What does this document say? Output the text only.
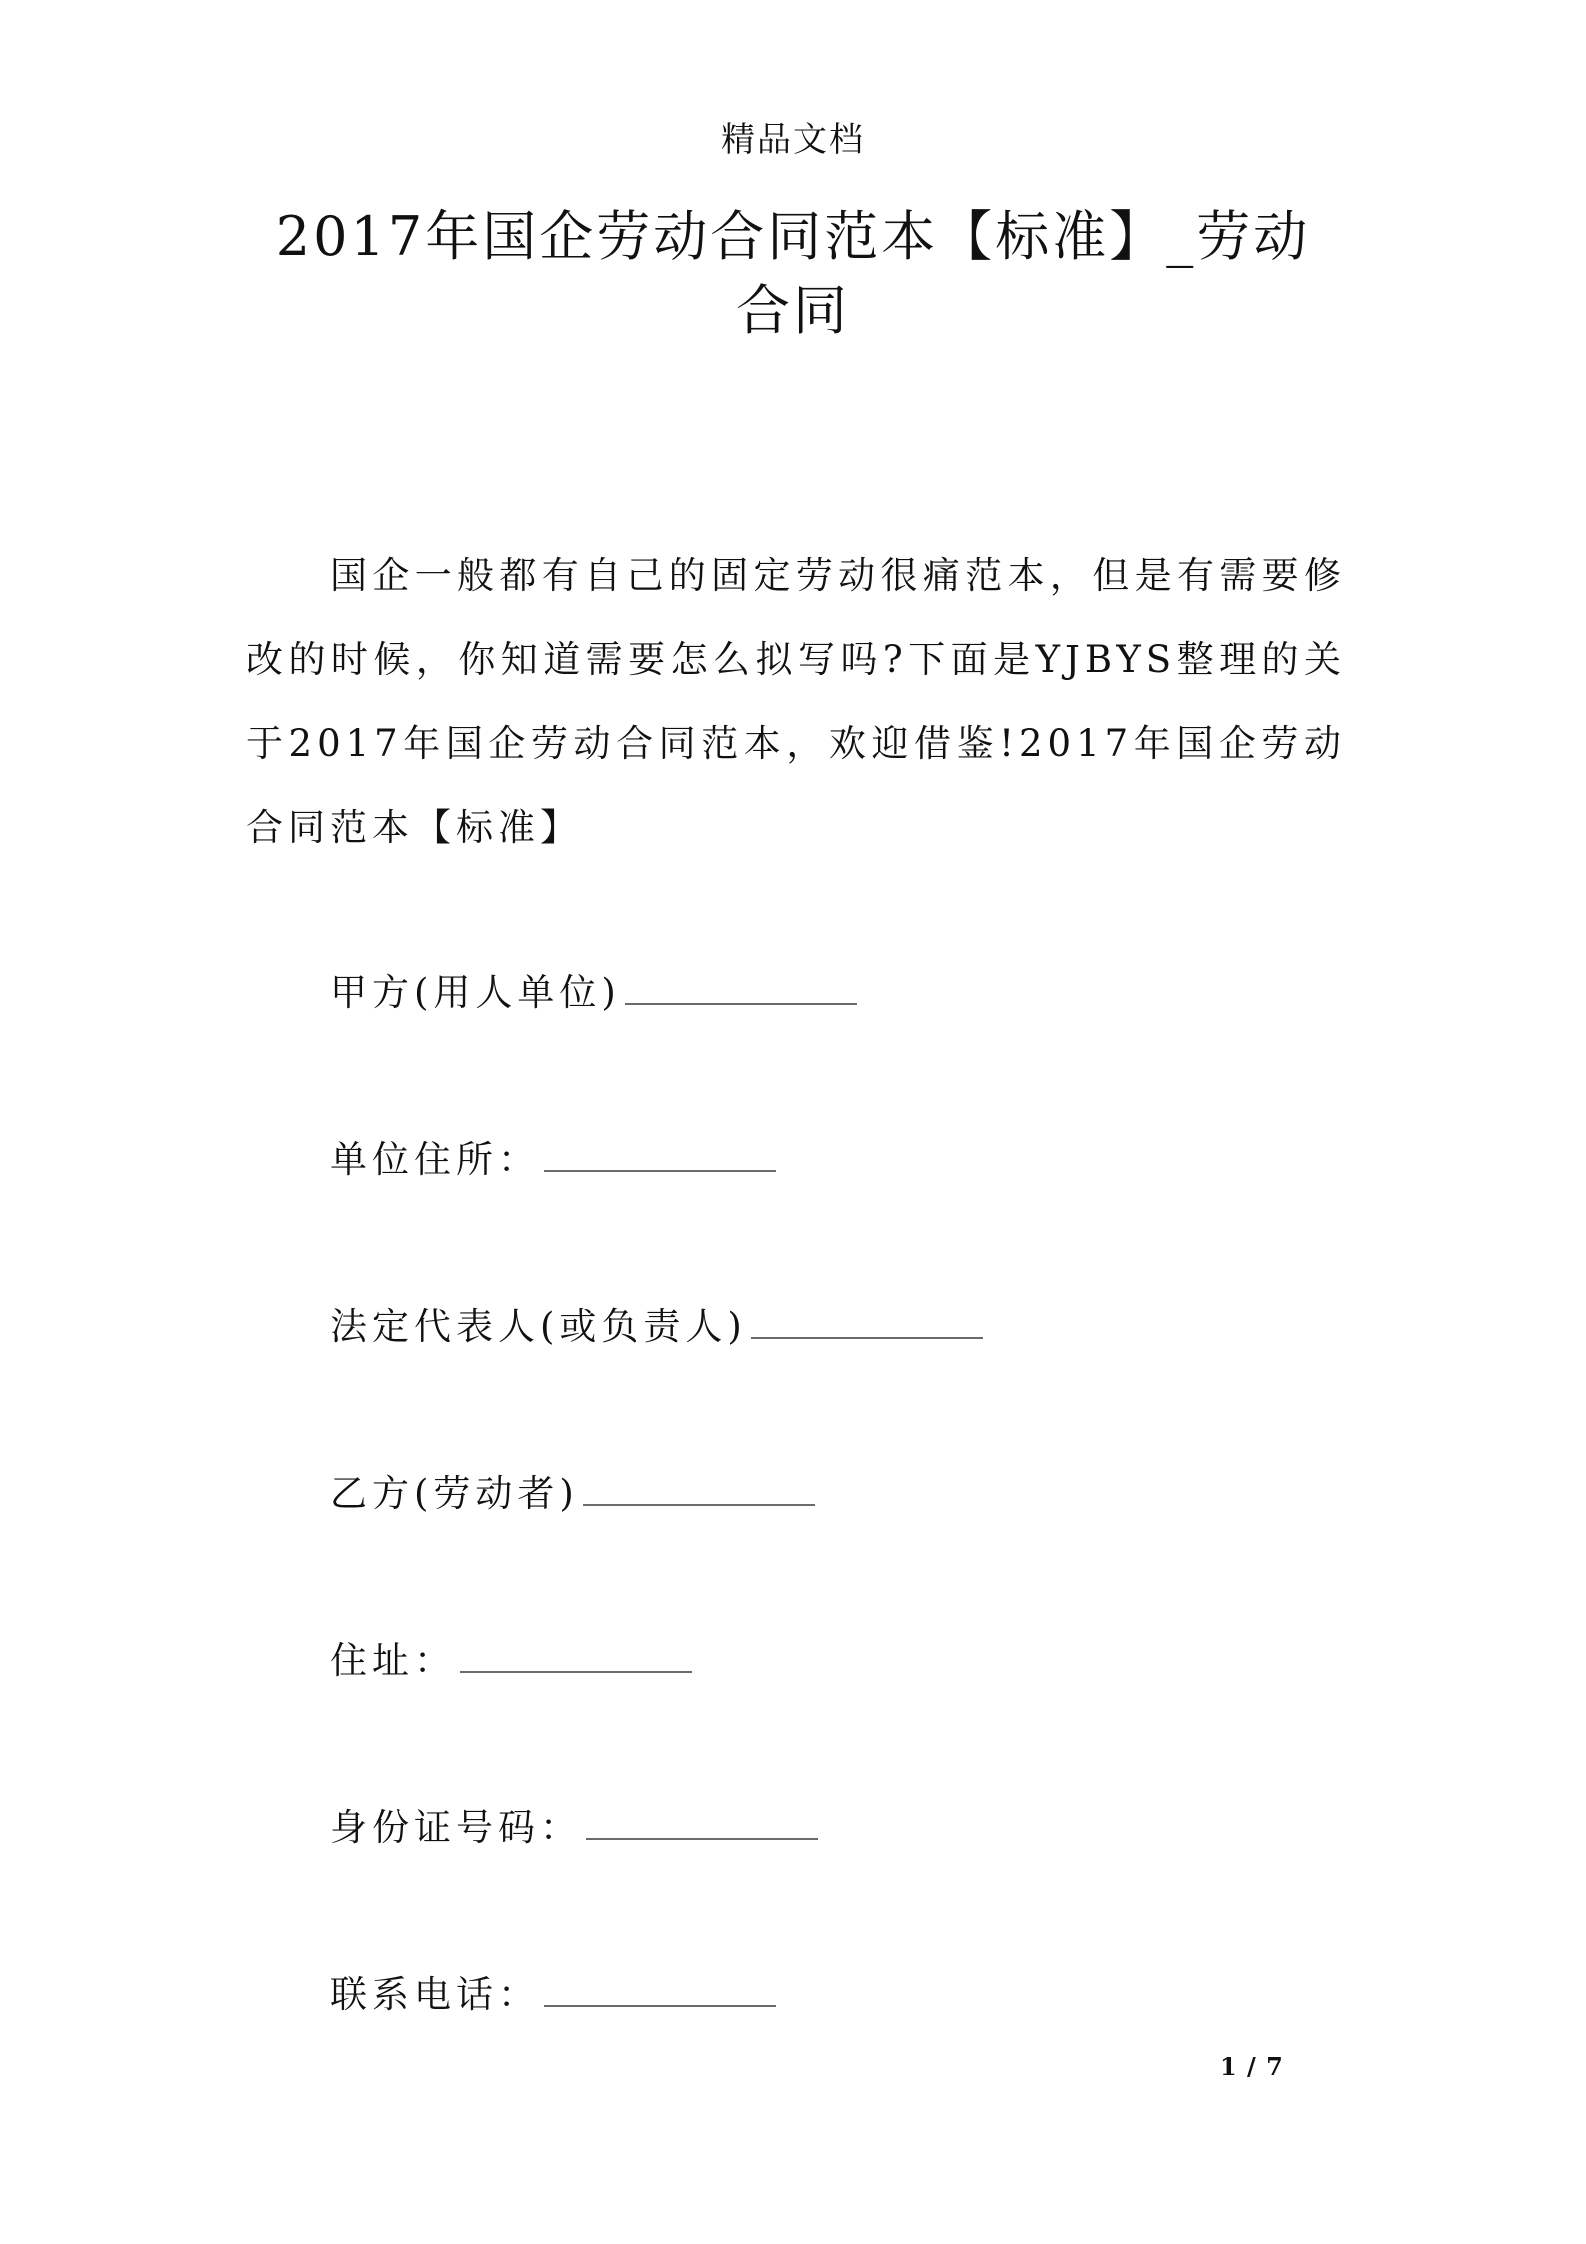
精品文档
2017年国企劳动合同范本【标准】_劳动合同

国企一般都有自己的固定劳动很痛范本，但是有需要修改的时候，你知道需要怎么拟写吗?下面是YJBYS整理的关于2017年国企劳动合同范本，欢迎借鉴!2017年国企劳动合同范本【标准】

甲方(用人单位)
单位住所：
法定代表人(或负责人)
乙方(劳动者)
住址：
身份证号码：
联系电话：
1 / 7
